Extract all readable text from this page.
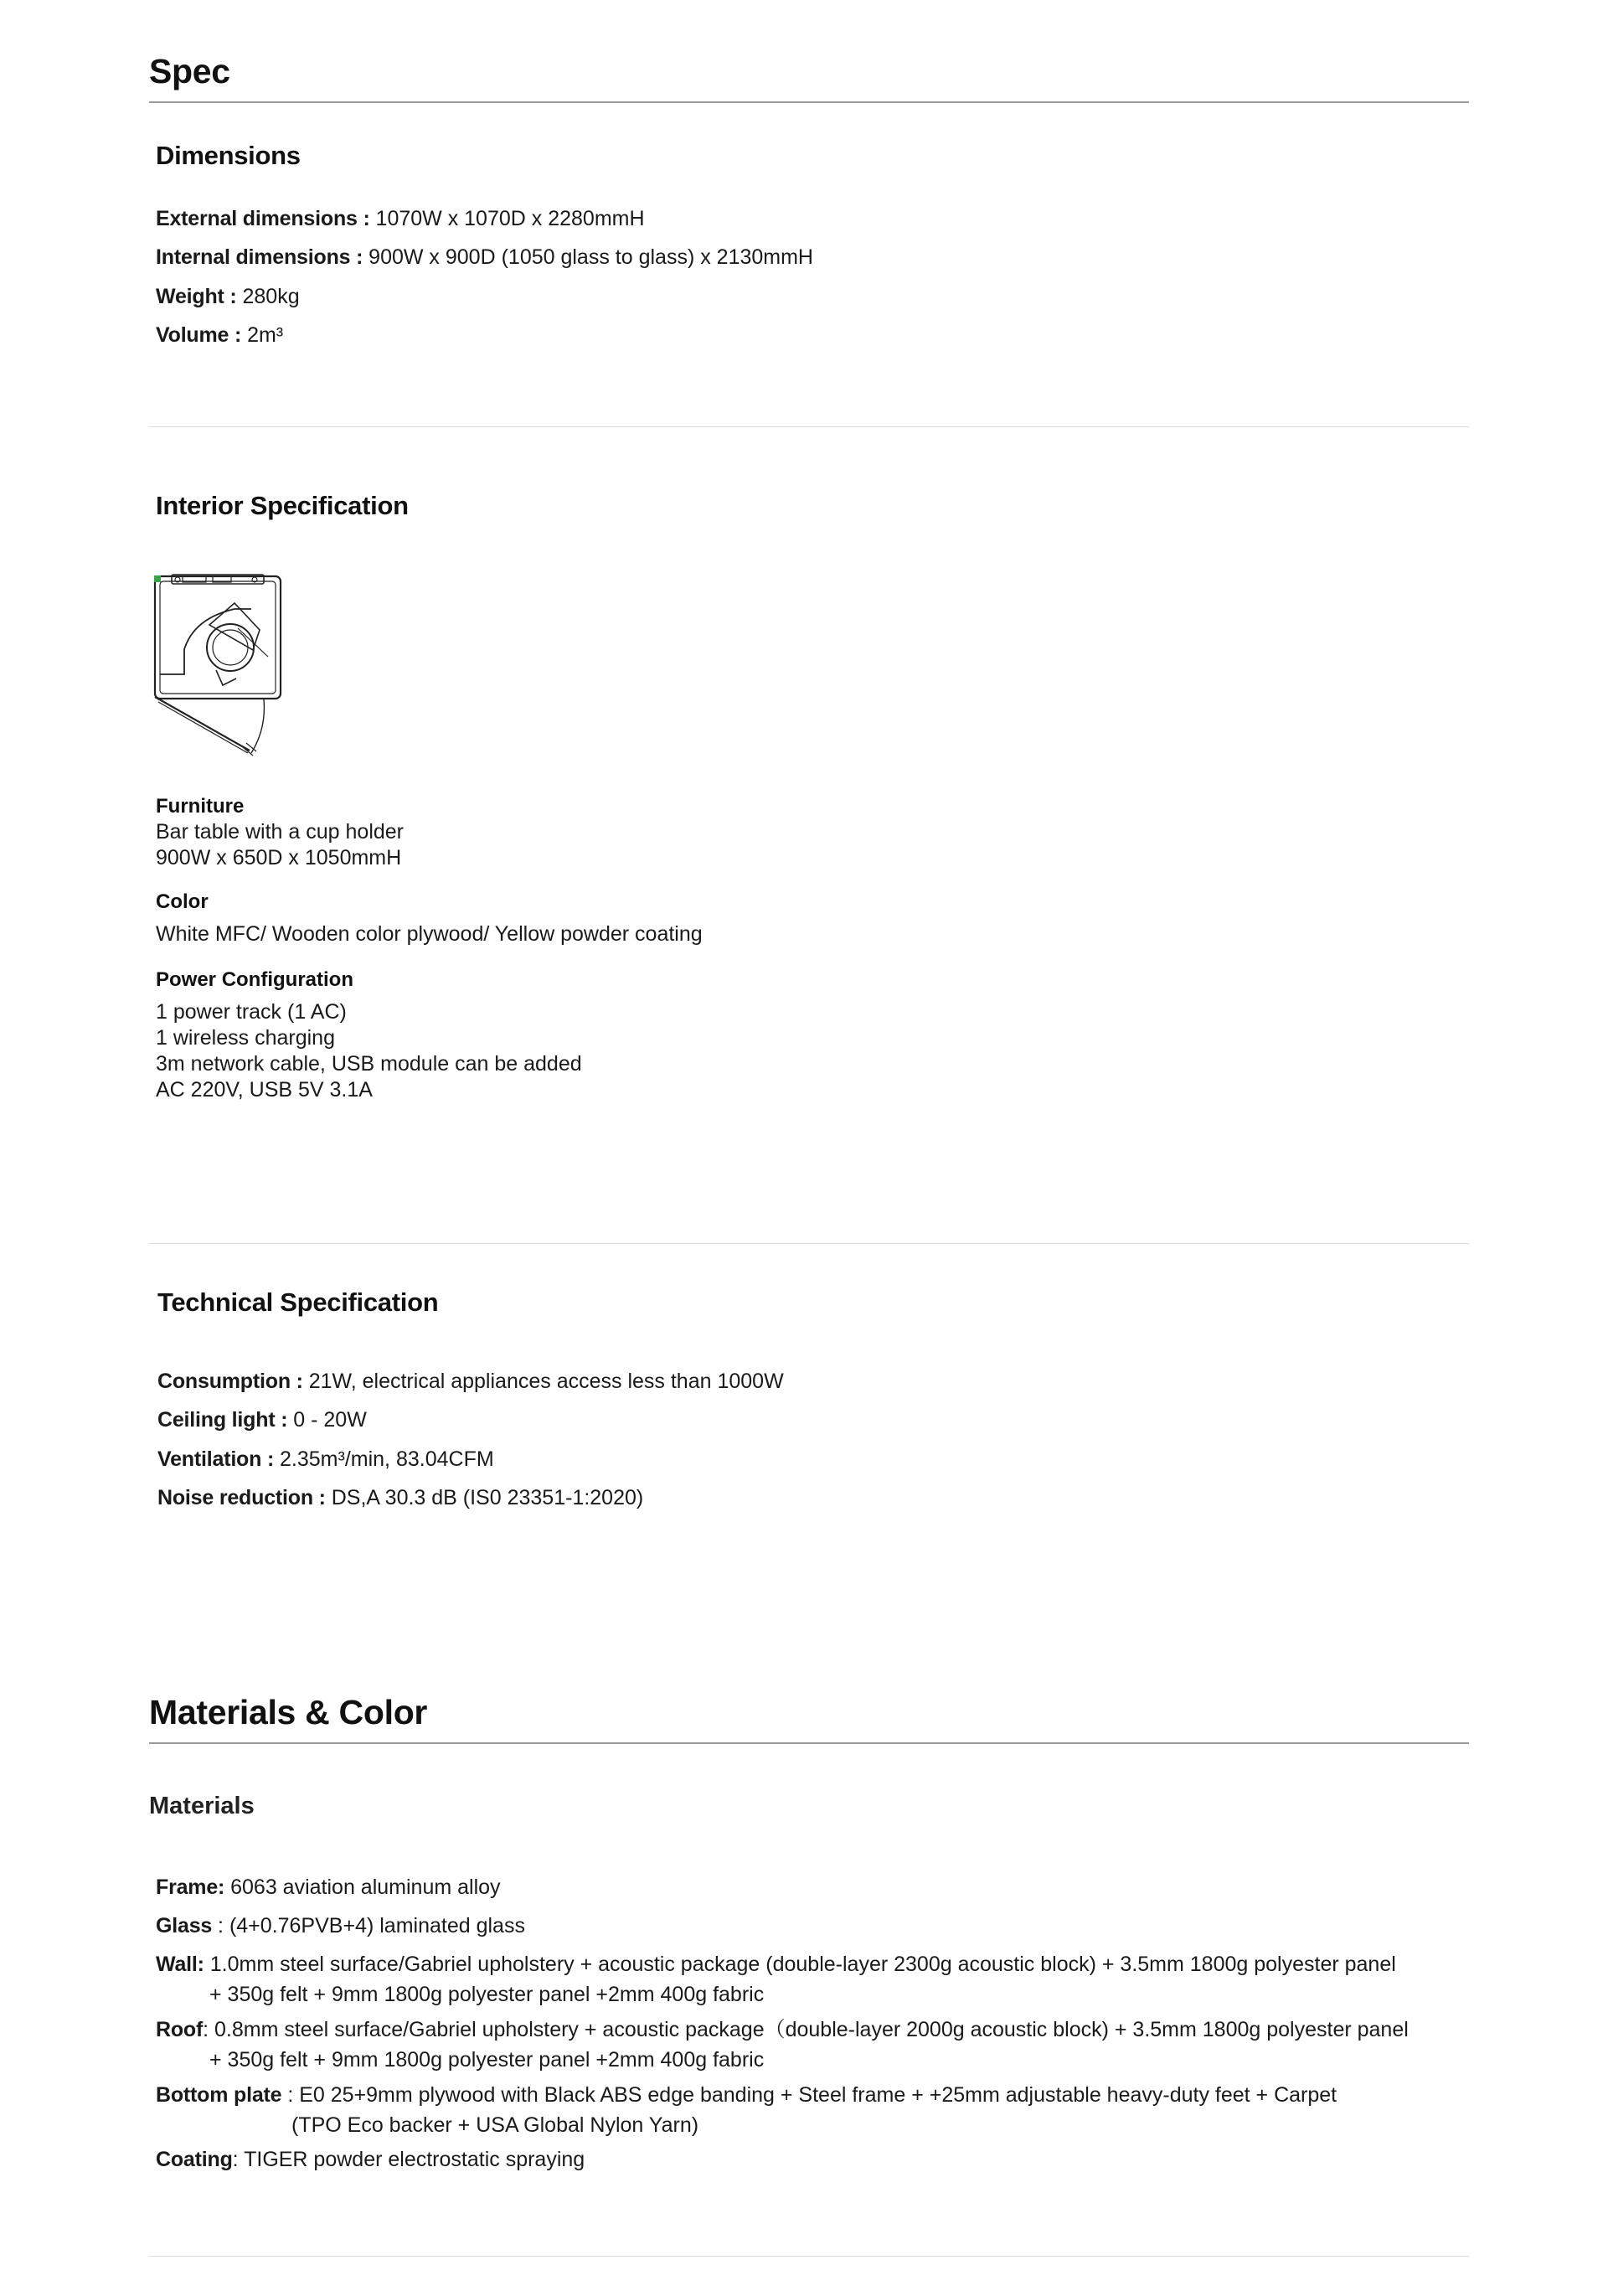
Spec
Dimensions
External dimensions : 1070W x 1070D x 2280mmH
Internal dimensions : 900W x 900D (1050 glass to glass) x 2130mmH
Weight : 280kg
Volume : 2m³
Interior Specification
Furniture
Bar table with a cup holder
900W x 650D x 1050mmH
Color
White MFC/ Wooden color plywood/ Yellow powder coating
Power Configuration
1 power track (1 AC)
1 wireless charging
3m network cable, USB module can be added
AC 220V, USB 5V 3.1A
Technical Specification
Consumption : 21W, electrical appliances access less than 1000W
Ceiling light : 0 - 20W
Ventilation : 2.35m³/min, 83.04CFM
Noise reduction : DS,A 30.3 dB (IS0 23351-1:2020)
Materials & Color
Materials
Frame: 6063 aviation aluminum alloy
Glass : (4+0.76PVB+4) laminated glass
Wall: 1.0mm steel surface/Gabriel upholstery + acoustic package (double-layer 2300g acoustic block) + 3.5mm 1800g polyester panel
+ 350g felt + 9mm 1800g polyester panel +2mm 400g fabric
Roof: 0.8mm steel surface/Gabriel upholstery + acoustic package（double-layer 2000g acoustic block) + 3.5mm 1800g polyester panel
+ 350g felt + 9mm 1800g polyester panel +2mm 400g fabric
Bottom plate : E0 25+9mm plywood with Black ABS edge banding + Steel frame + +25mm adjustable heavy-duty feet + Carpet
(TPO Eco backer + USA Global Nylon Yarn)
Coating: TIGER powder electrostatic spraying
